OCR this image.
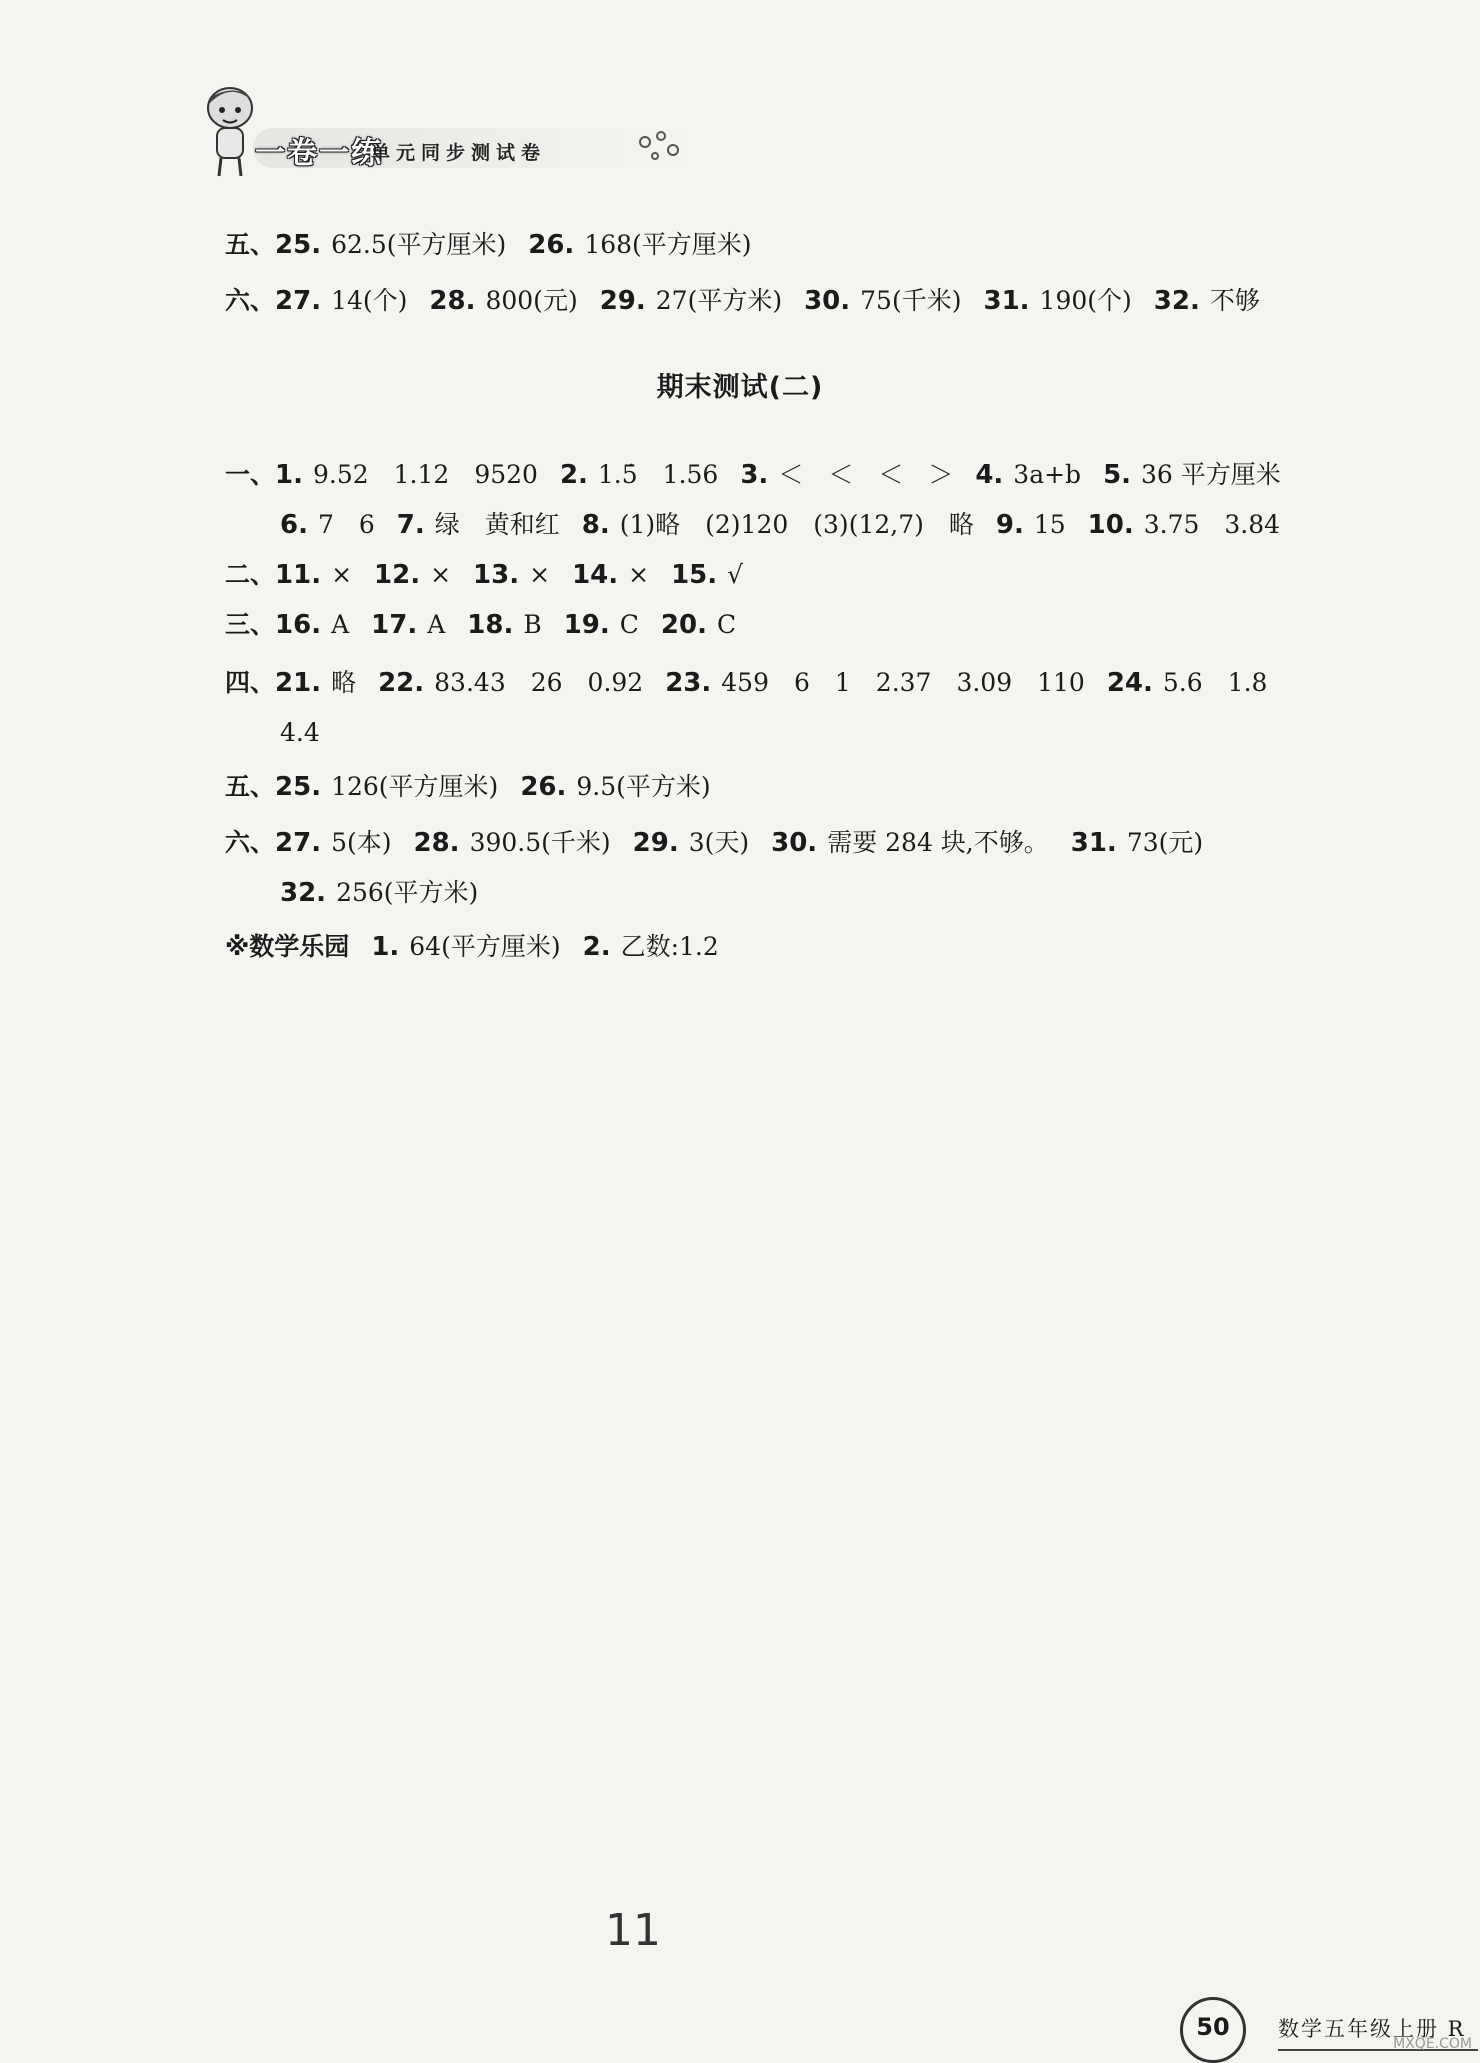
一卷一练
单元同步测试卷
五、25. 62.5(平方厘米) 26. 168(平方厘米)
六、27. 14(个) 28. 800(元) 29. 27(平方米) 30. 75(千米) 31. 190(个) 32. 不够
期末测试(二)
一、1. 9.52　1.12　9520 2. 1.5̇　1.56 3. ＜　＜　＜　＞ 4. 3a+b 5. 36 平方厘米
6. 7　6 7. 绿　黄和红 8. (1)略　(2)120　(3)(12,7)　略 9. 15 10. 3.75　3.84
二、11. × 12. × 13. × 14. × 15. √
三、16. A 17. A 18. B 19. C 20. C
四、21. 略 22. 83.43　26　0.92 23. 459　6　1　2.37　3.09　110 24. 5.6　1.8
4.4
五、25. 126(平方厘米) 26. 9.5(平方米)
六、27. 5(本) 28. 390.5(千米) 29. 3(天) 30. 需要 284 块,不够。 31. 73(元)
32. 256(平方米)
※数学乐园 1. 64(平方厘米) 2. 乙数:1.2
11
50	数学五年级上册 R
MXQE.COM
